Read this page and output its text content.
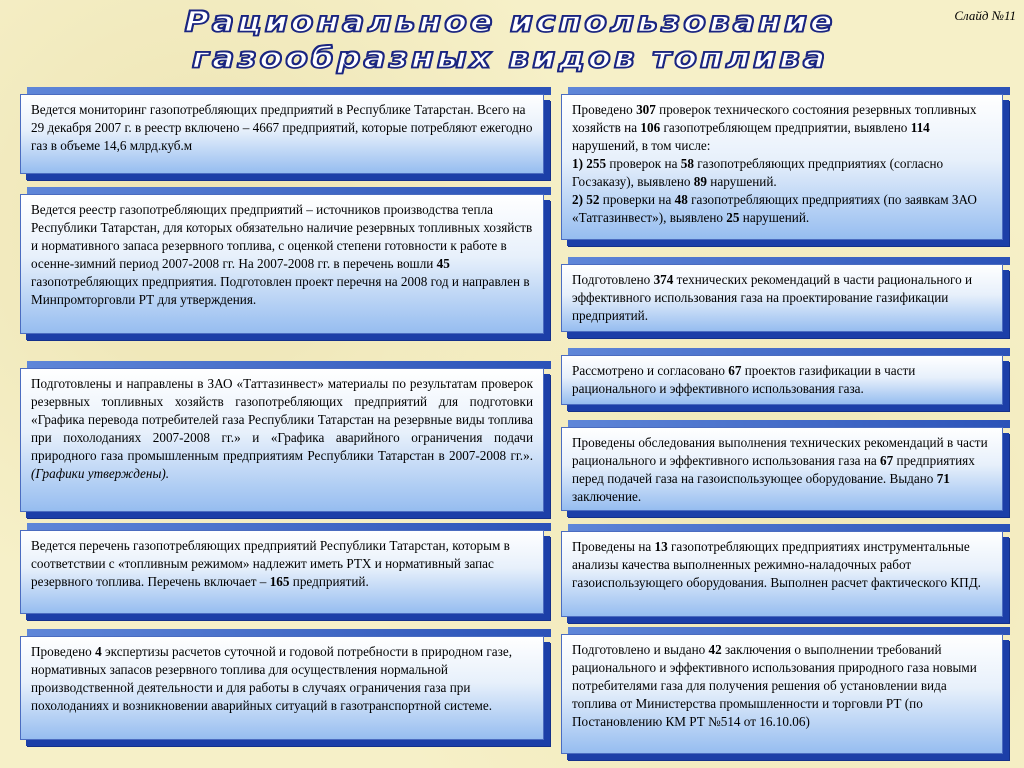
Рациональное использование
газообразных видов топлива
Слайд №11
Ведется мониторинг газопотребляющих предприятий в Республике Татарстан. Всего на 29 декабря 2007 г. в реестр включено – 4667 предприятий, которые потребляют ежегодно газ в объеме 14,6 млрд.куб.м
Ведется реестр газопотребляющих предприятий – источников производства тепла Республики Татарстан, для которых обязательно наличие резервных топливных хозяйств и нормативного запаса резервного топлива, с оценкой степени готовности к работе в осенне-зимний период 2007-2008 гг. На 2007-2008 гг. в перечень вошли 45 газопотребляющих предприятия. Подготовлен проект перечня на 2008 год и направлен в Минпромторговли РТ для утверждения.
Подготовлены и направлены в ЗАО «Таттазинвест» материалы по результатам проверок резервных топливных хозяйств газопотребляющих предприятий для подготовки «Графика перевода потребителей газа Республики Татарстан на резервные виды топлива при похолоданиях 2007-2008 гг.» и «Графика аварийного ограничения подачи природного газа промышленным предприятиям Республики Татарстан в 2007-2008 гг.». (Графики утверждены).
Ведется перечень газопотребляющих предприятий Республики Татарстан, которым в соответствии с «топливным режимом» надлежит иметь РТХ и нормативный запас резервного топлива. Перечень включает – 165 предприятий.
Проведено 4 экспертизы расчетов суточной и годовой потребности в природном газе, нормативных запасов резервного топлива для осуществления нормальной производственной деятельности и для работы в случаях ограничения газа при похолоданиях и возникновении аварийных ситуаций в газотранспортной системе.
Проведено 307 проверок технического состояния резервных топливных хозяйств на 106 газопотребляющем предприятии, выявлено 114 нарушений, в том числе:
1) 255 проверок на 58 газопотребляющих предприятиях (согласно Госзаказу), выявлено 89 нарушений.
2) 52 проверки на 48 газопотребляющих предприятиях (по заявкам ЗАО «Татгазинвест»), выявлено 25 нарушений.
Подготовлено 374 технических рекомендаций в части рационального и эффективного использования газа на проектирование газификации предприятий.
Рассмотрено и согласовано 67 проектов газификации в части рационального и эффективного использования газа.
Проведены обследования выполнения технических рекомендаций в части рационального и эффективного использования газа на 67 предприятиях перед подачей газа на газоиспользующее оборудование. Выдано 71 заключение.
Проведены на 13 газопотребляющих предприятиях инструментальные анализы качества выполненных режимно-наладочных работ газоиспользующего оборудования. Выполнен расчет фактического КПД.
Подготовлено и выдано 42 заключения о выполнении требований рационального и эффективного использования природного газа новыми потребителями газа для получения решения об установлении вида топлива от Министерства промышленности и торговли РТ (по Постановлению КМ РТ №514 от 16.10.06)
